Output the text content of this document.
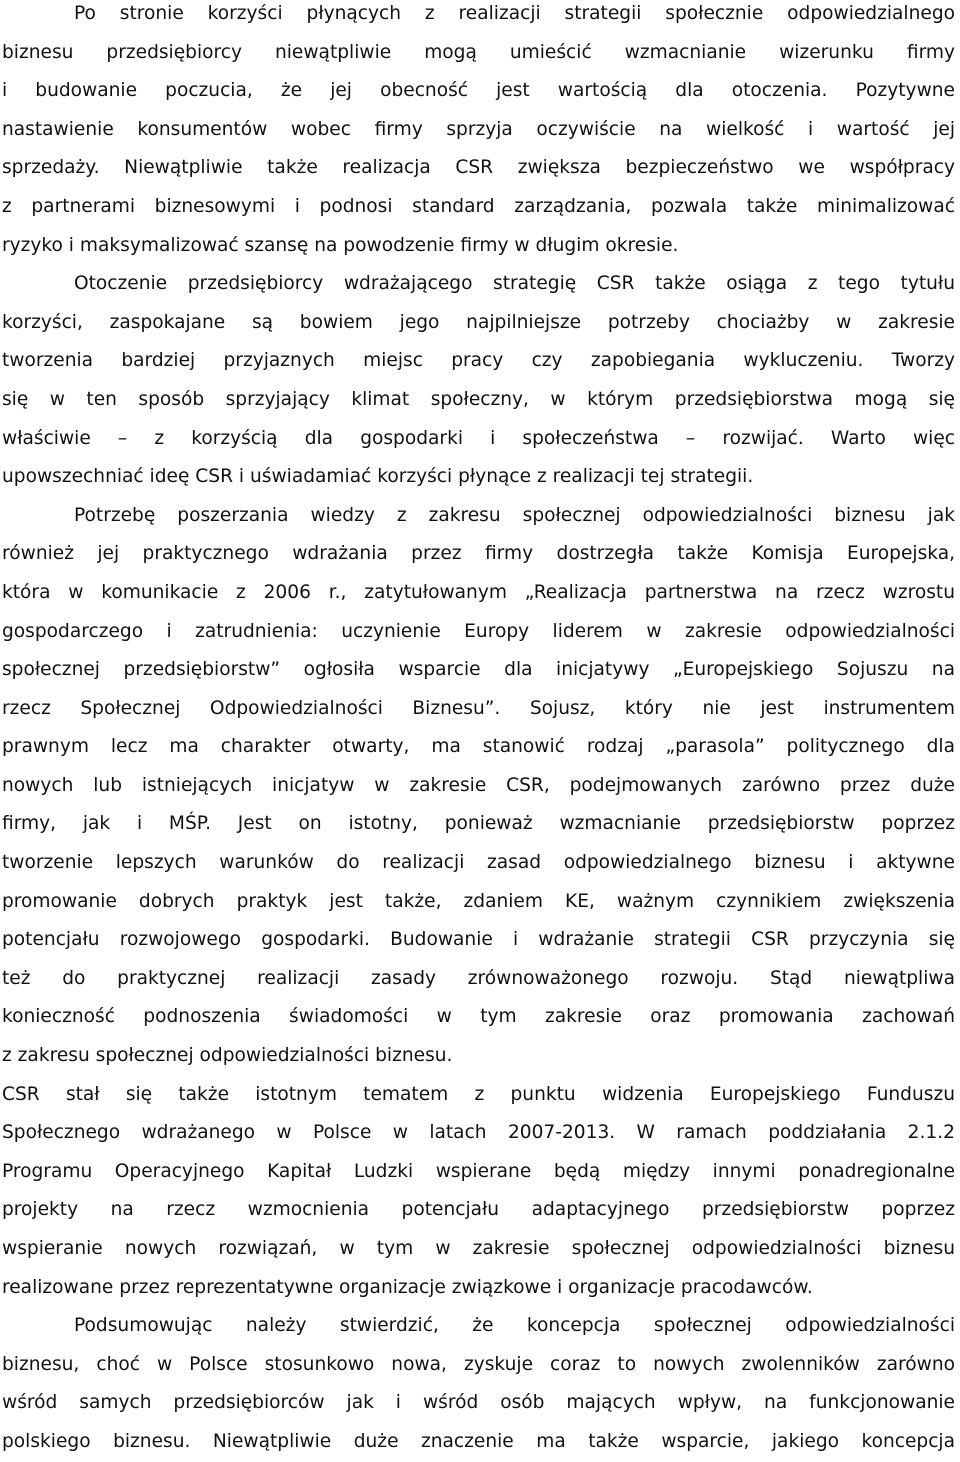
Po stronie korzyści płynących z realizacji strategii społecznie odpowiedzialnego
biznesu przedsiębiorcy niewątpliwie mogą umieścić wzmacnianie wizerunku firmy
i budowanie poczucia, że jej obecność jest wartością dla otoczenia. Pozytywne
nastawienie konsumentów wobec firmy sprzyja oczywiście na wielkość i wartość jej
sprzedaży. Niewątpliwie także realizacja CSR zwiększa bezpieczeństwo we współpracy
z partnerami biznesowymi i podnosi standard zarządzania, pozwala także minimalizować
ryzyko i maksymalizować szansę na powodzenie firmy w długim okresie.
Otoczenie przedsiębiorcy wdrażającego strategię CSR także osiąga z tego tytułu
korzyści, zaspokajane są bowiem jego najpilniejsze potrzeby chociażby w zakresie
tworzenia bardziej przyjaznych miejsc pracy czy zapobiegania wykluczeniu. Tworzy
się w ten sposób sprzyjający klimat społeczny, w którym przedsiębiorstwa mogą się
właściwie – z korzyścią dla gospodarki i społeczeństwa – rozwijać. Warto więc
upowszechniać ideę CSR i uświadamiać korzyści płynące z realizacji tej strategii.
Potrzebę poszerzania wiedzy z zakresu społecznej odpowiedzialności biznesu jak
również jej praktycznego wdrażania przez firmy dostrzegła także Komisja Europejska,
która w komunikacie z 2006 r., zatytułowanym „Realizacja partnerstwa na rzecz wzrostu
gospodarczego i zatrudnienia: uczynienie Europy liderem w zakresie odpowiedzialności
społecznej przedsiębiorstw” ogłosiła wsparcie dla inicjatywy „Europejskiego Sojuszu na
rzecz Społecznej Odpowiedzialności Biznesu”. Sojusz, który nie jest instrumentem
prawnym lecz ma charakter otwarty, ma stanowić rodzaj „parasola” politycznego dla
nowych lub istniejących inicjatyw w zakresie CSR, podejmowanych zarówno przez duże
firmy, jak i MŚP. Jest on istotny, ponieważ wzmacnianie przedsiębiorstw poprzez
tworzenie lepszych warunków do realizacji zasad odpowiedzialnego biznesu i aktywne
promowanie dobrych praktyk jest także, zdaniem KE, ważnym czynnikiem zwiększenia
potencjału rozwojowego gospodarki. Budowanie i wdrażanie strategii CSR przyczynia się
też do praktycznej realizacji zasady zrównoważonego rozwoju. Stąd niewątpliwa
konieczność podnoszenia świadomości w tym zakresie oraz promowania zachowań
z zakresu społecznej odpowiedzialności biznesu.
CSR stał się także istotnym tematem z punktu widzenia Europejskiego Funduszu
Społecznego wdrażanego w Polsce w latach 2007-2013. W ramach poddziałania 2.1.2
Programu Operacyjnego Kapitał Ludzki wspierane będą między innymi ponadregionalne
projekty na rzecz wzmocnienia potencjału adaptacyjnego przedsiębiorstw poprzez
wspieranie nowych rozwiązań, w tym w zakresie społecznej odpowiedzialności biznesu
realizowane przez reprezentatywne organizacje związkowe i organizacje pracodawców.
Podsumowując należy stwierdzić, że koncepcja społecznej odpowiedzialności
biznesu, choć w Polsce stosunkowo nowa, zyskuje coraz to nowych zwolenników zarówno
wśród samych przedsiębiorców jak i wśród osób mających wpływ, na funkcjonowanie
polskiego biznesu. Niewątpliwie duże znaczenie ma także wsparcie, jakiego koncepcja
